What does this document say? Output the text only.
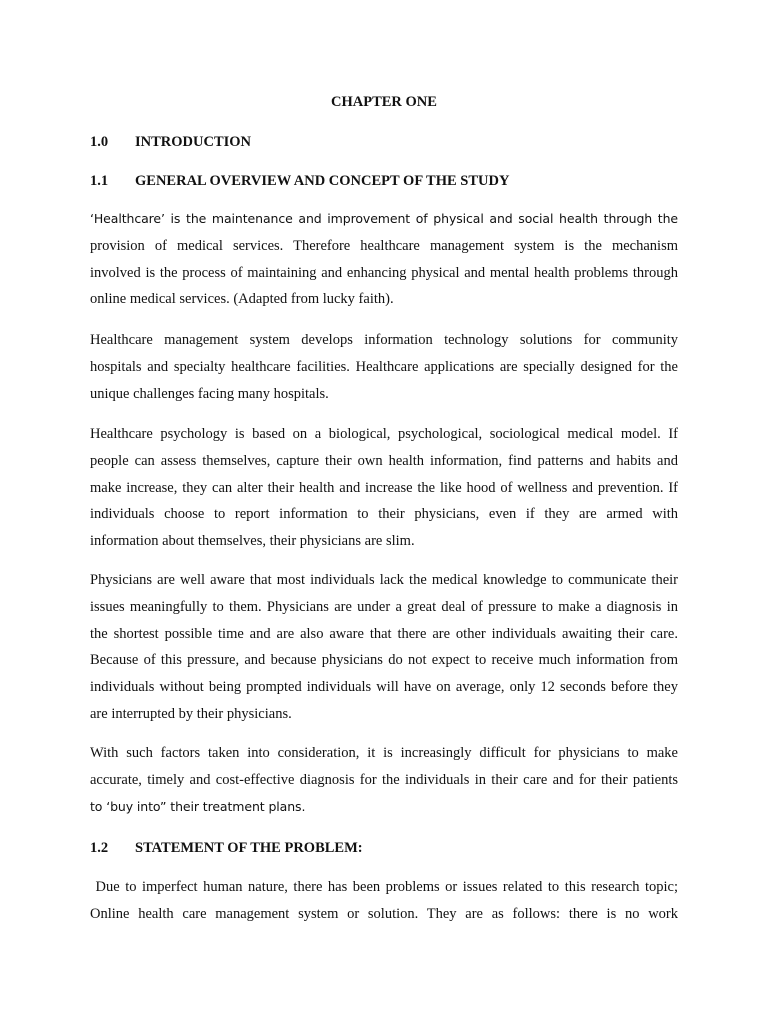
CHAPTER ONE
1.0 INTRODUCTION
1.1 GENERAL OVERVIEW AND CONCEPT OF THE STUDY
‘Healthcare’ is the maintenance and improvement of physical and social health through the
provision of medical services. Therefore healthcare management system is the mechanism
involved is the process of maintaining and enhancing physical and mental health problems through
online medical services. (Adapted from lucky faith).
Healthcare management system develops information technology solutions for community
hospitals and specialty healthcare facilities. Healthcare applications are specially designed for the
unique challenges facing many hospitals.
Healthcare psychology is based on a biological, psychological, sociological medical model. If
people can assess themselves, capture their own health information, find patterns and habits and
make increase, they can alter their health and increase the like hood of wellness and prevention. If
individuals choose to report information to their physicians, even if they are armed with
information about themselves, their physicians are slim.
Physicians are well aware that most individuals lack the medical knowledge to communicate their
issues meaningfully to them. Physicians are under a great deal of pressure to make a diagnosis in
the shortest possible time and are also aware that there are other individuals awaiting their care.
Because of this pressure, and because physicians do not expect to receive much information from
individuals without being prompted individuals will have on average, only 12 seconds before they
are interrupted by their physicians.
With such factors taken into consideration, it is increasingly difficult for physicians to make
accurate, timely and cost-effective diagnosis for the individuals in their care and for their patients
to ‘buy into” their treatment plans.
1.2 STATEMENT OF THE PROBLEM:
Due to imperfect human nature, there has been problems or issues related to this research topic;
Online health care management system or solution. They are as follows: there is no work
